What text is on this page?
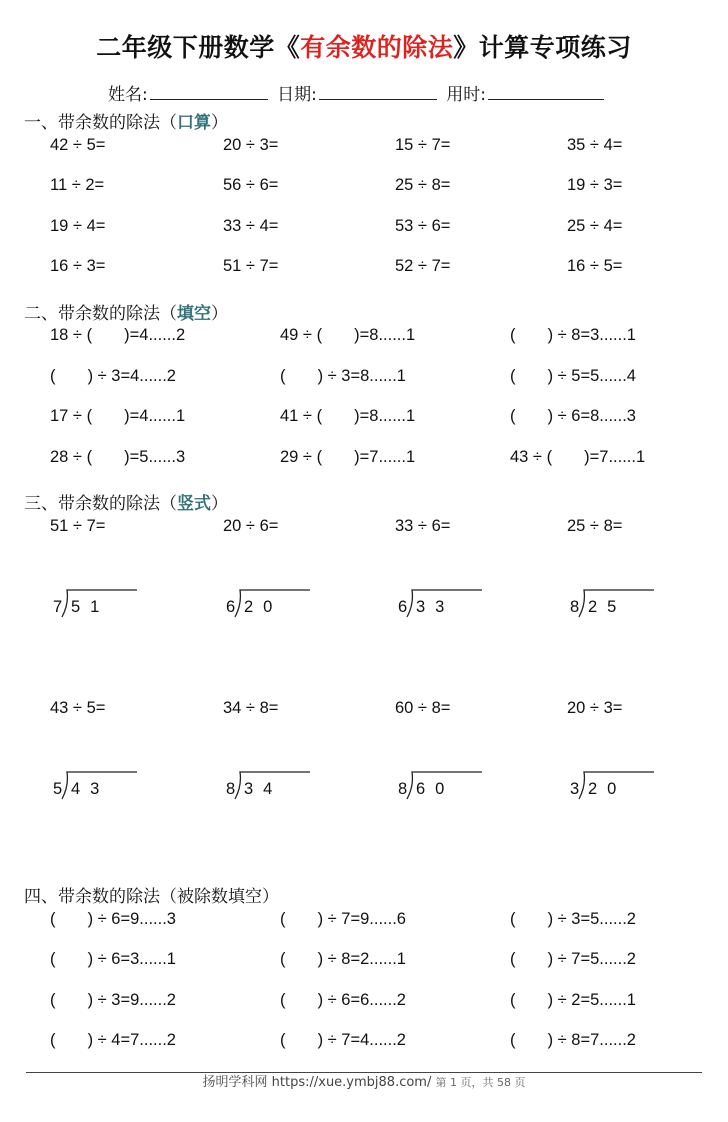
二年级下册数学《有余数的除法》计算专项练习
姓名:	日期:	用时:
一、带余数的除法（口算）
42 ÷ 5=	20 ÷ 3=	15 ÷ 7=	35 ÷ 4=
11 ÷ 2=	56 ÷ 6=	25 ÷ 8=	19 ÷ 3=
19 ÷ 4=	33 ÷ 4=	53 ÷ 6=	25 ÷ 4=
16 ÷ 3=	51 ÷ 7=	52 ÷ 7=	16 ÷ 5=
二、带余数的除法（填空）
18 ÷ (       )=4......2	49 ÷ (       )=8......1	(       ) ÷ 8=3......1
(       ) ÷ 3=4......2	(       ) ÷ 3=8......1	(       ) ÷ 5=5......4
17 ÷ (       )=4......1	41 ÷ (       )=8......1	(       ) ÷ 6=8......3
28 ÷ (       )=5......3	29 ÷ (       )=7......1	43 ÷ (       )=7......1
三、带余数的除法（竖式）
51 ÷ 7=	20 ÷ 6=	33 ÷ 6=	25 ÷ 8=
7 51	6 20	6 33	8 25
43 ÷ 5=	34 ÷ 8=	60 ÷ 8=	20 ÷ 3=
5 43	8 34	8 60	3 20
四、带余数的除法（被除数填空）
(       ) ÷ 6=9......3	(       ) ÷ 7=9......6	(       ) ÷ 3=5......2
(       ) ÷ 6=3......1	(       ) ÷ 8=2......1	(       ) ÷ 7=5......2
(       ) ÷ 3=9......2	(       ) ÷ 6=6......2	(       ) ÷ 2=5......1
(       ) ÷ 4=7......2	(       ) ÷ 7=4......2	(       ) ÷ 8=7......2
扬明学科网 https://xue.ymbj88.com/ 第 1 页，共 58 页
